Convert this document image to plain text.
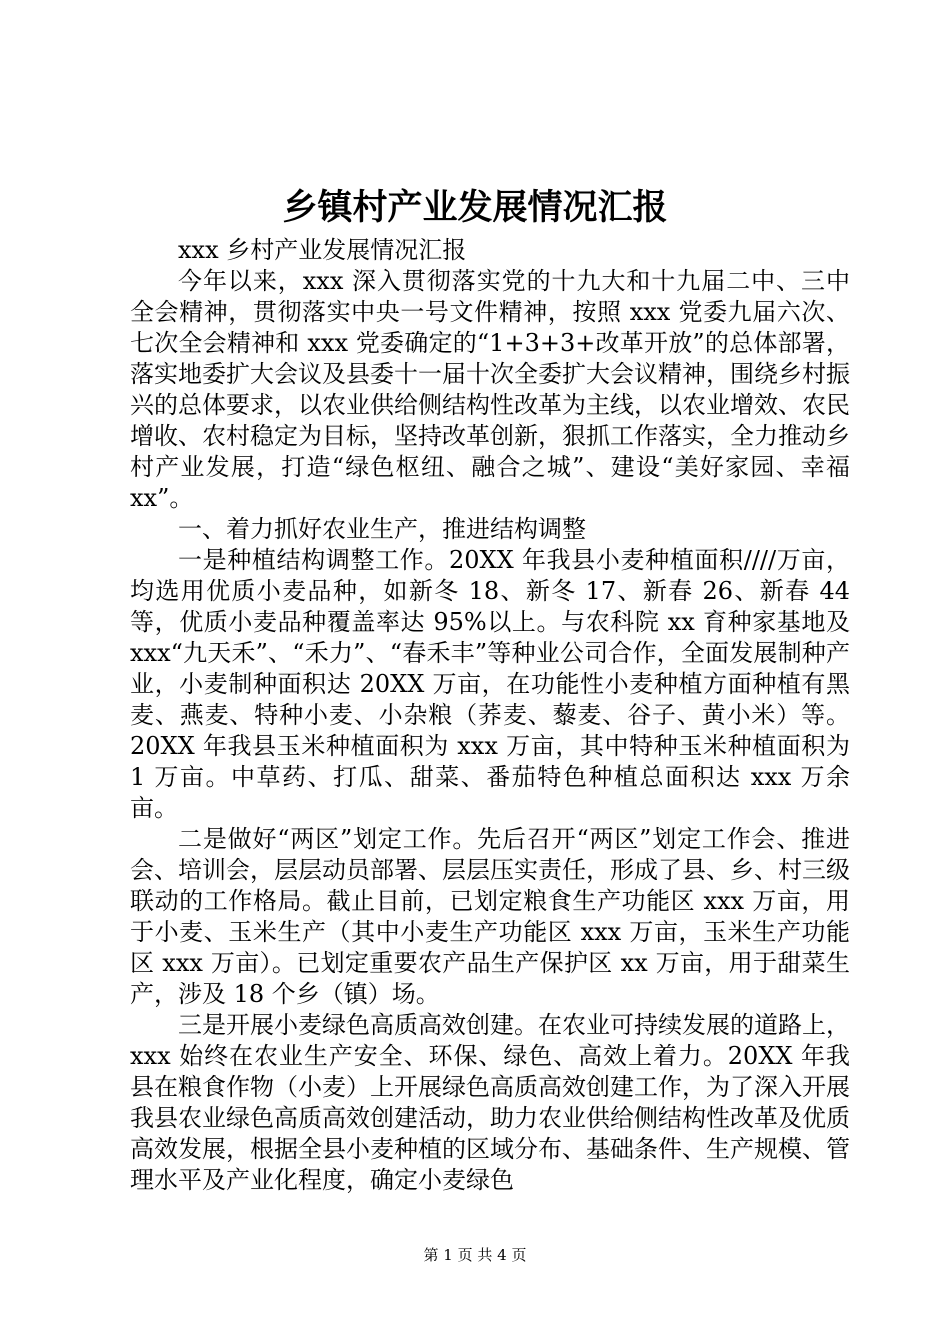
乡镇村产业发展情况汇报

xxx 乡村产业发展情况汇报

今年以来，xxx 深入贯彻落实党的十九大和十九届二中、三中全会精神，贯彻落实中央一号文件精神，按照 xxx 党委九届六次、七次全会精神和 xxx 党委确定的“1+3+3+改革开放”的总体部署，落实地委扩大会议及县委十一届十次全委扩大会议精神，围绕乡村振兴的总体要求，以农业供给侧结构性改革为主线，以农业增效、农民增收、农村稳定为目标，坚持改革创新，狠抓工作落实，全力推动乡村产业发展，打造“绿色枢纽、融合之城”、建设“美好家园、幸福 xx”。

一、着力抓好农业生产，推进结构调整

一是种植结构调整工作。20XX 年我县小麦种植面积////万亩，均选用优质小麦品种，如新冬 18、新冬 17、新春 26、新春 44 等，优质小麦品种覆盖率达 95%以上。与农科院 xx 育种家基地及 xxx“九天禾”、“禾力”、“春禾丰”等种业公司合作，全面发展制种产业，小麦制种面积达 20XX 万亩，在功能性小麦种植方面种植有黑麦、燕麦、特种小麦、小杂粮（荞麦、藜麦、谷子、黄小米）等。20XX 年我县玉米种植面积为 xxx 万亩，其中特种玉米种植面积为 1 万亩。中草药、打瓜、甜菜、番茄特色种植总面积达 xxx 万余亩。

二是做好“两区”划定工作。先后召开“两区”划定工作会、推进会、培训会，层层动员部署、层层压实责任，形成了县、乡、村三级联动的工作格局。截止目前，已划定粮食生产功能区 xxx 万亩，用于小麦、玉米生产（其中小麦生产功能区 xxx 万亩，玉米生产功能区 xxx 万亩）。已划定重要农产品生产保护区 xx 万亩，用于甜菜生产，涉及 18 个乡（镇）场。

三是开展小麦绿色高质高效创建。在农业可持续发展的道路上，xxx 始终在农业生产安全、环保、绿色、高效上着力。20XX 年我县在粮食作物（小麦）上开展绿色高质高效创建工作，为了深入开展我县农业绿色高质高效创建活动，助力农业供给侧结构性改革及优质高效发展，根据全县小麦种植的区域分布、基础条件、生产规模、管理水平及产业化程度，确定小麦绿色

第 1 页 共 4 页
